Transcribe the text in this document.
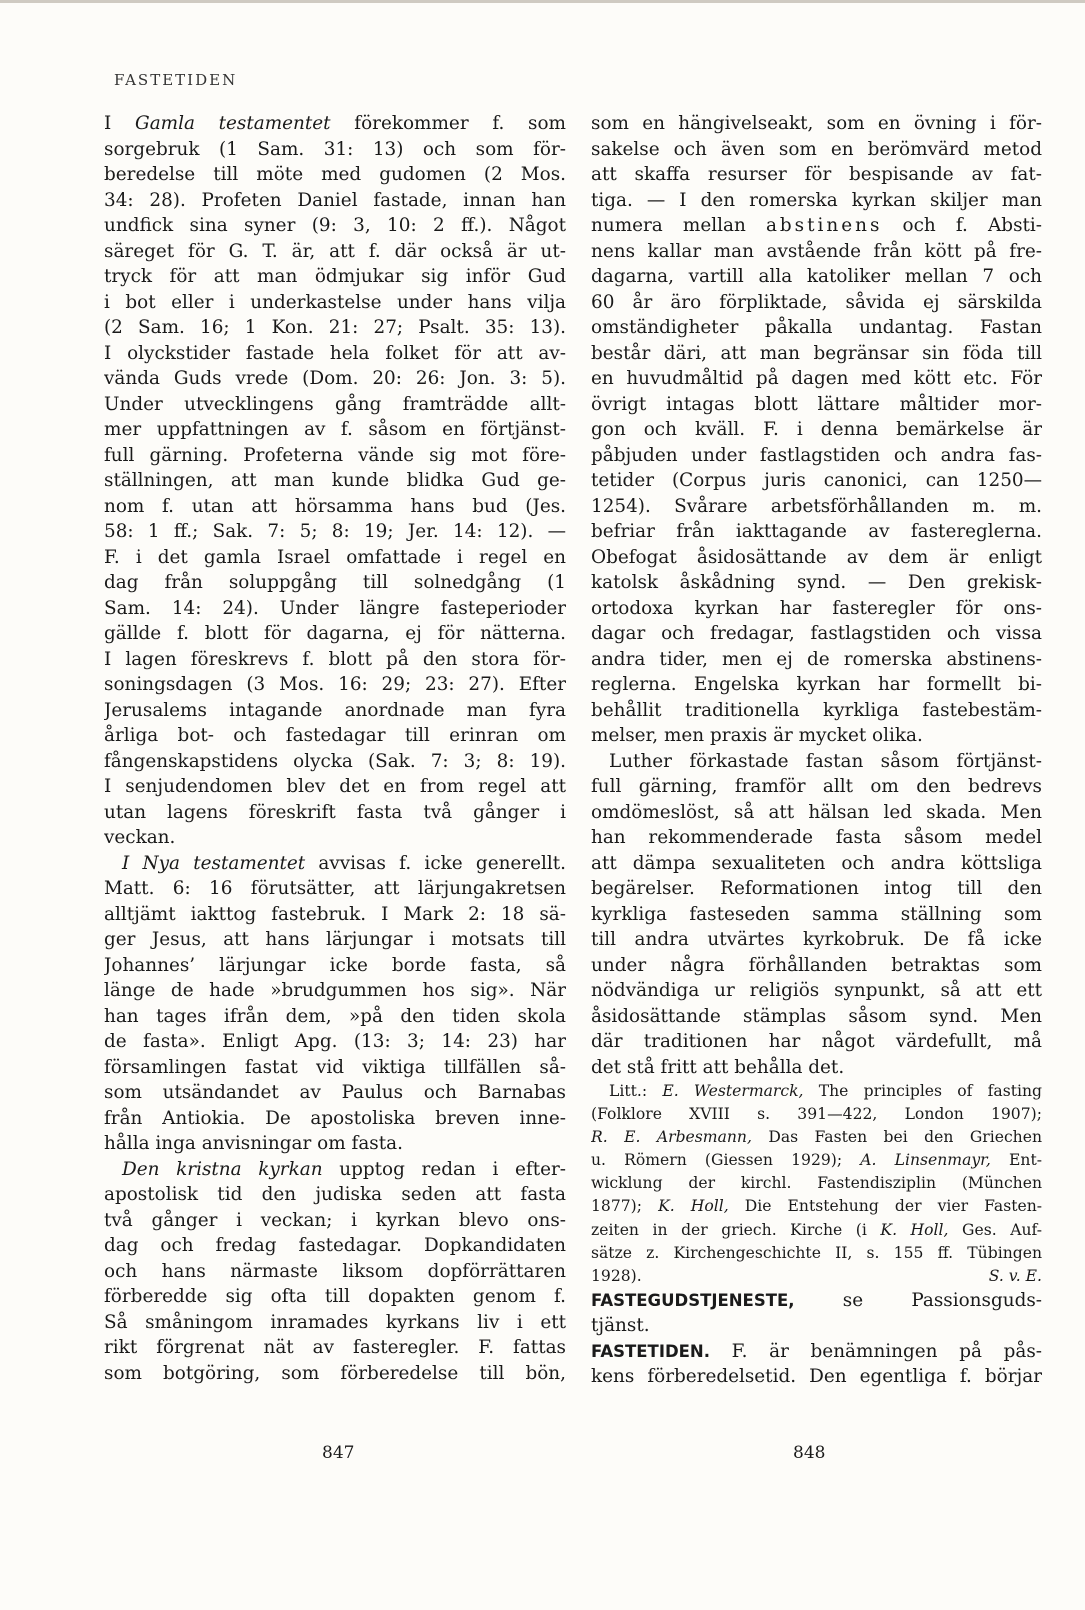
FASTETIDEN
I Gamla testamentet förekommer f. som
sorgebruk (1 Sam. 31: 13) och som för-
beredelse till möte med gudomen (2 Mos.
34: 28). Profeten Daniel fastade, innan han
undfick sina syner (9: 3, 10: 2 ff.). Något
säreget för G. T. är, att f. där också är ut-
tryck för att man ödmjukar sig inför Gud
i bot eller i underkastelse under hans vilja
(2 Sam. 16; 1 Kon. 21: 27; Psalt. 35: 13).
I olyckstider fastade hela folket för att av-
vända Guds vrede (Dom. 20: 26: Jon. 3: 5).
Under utvecklingens gång framträdde allt-
mer uppfattningen av f. såsom en förtjänst-
full gärning. Profeterna vände sig mot före-
ställningen, att man kunde blidka Gud ge-
nom f. utan att hörsamma hans bud (Jes.
58: 1 ff.; Sak. 7: 5; 8: 19; Jer. 14: 12). —
F. i det gamla Israel omfattade i regel en
dag från soluppgång till solnedgång (1
Sam. 14: 24). Under längre fasteperioder
gällde f. blott för dagarna, ej för nätterna.
I lagen föreskrevs f. blott på den stora för-
soningsdagen (3 Mos. 16: 29; 23: 27). Efter
Jerusalems intagande anordnade man fyra
årliga bot- och fastedagar till erinran om
fångenskapstidens olycka (Sak. 7: 3; 8: 19).
I senjudendomen blev det en from regel att
utan lagens föreskrift fasta två gånger i
veckan.
I Nya testamentet avvisas f. icke generellt.
Matt. 6: 16 förutsätter, att lärjungakretsen
alltjämt iakttog fastebruk. I Mark 2: 18 sä-
ger Jesus, att hans lärjungar i motsats till
Johannes’ lärjungar icke borde fasta, så
länge de hade »brudgummen hos sig». När
han tages ifrån dem, »på den tiden skola
de fasta». Enligt Apg. (13: 3; 14: 23) har
församlingen fastat vid viktiga tillfällen så-
som utsändandet av Paulus och Barnabas
från Antiokia. De apostoliska breven inne-
hålla inga anvisningar om fasta.
Den kristna kyrkan upptog redan i efter-
apostolisk tid den judiska seden att fasta
två gånger i veckan; i kyrkan blevo ons-
dag och fredag fastedagar. Dopkandidaten
och hans närmaste liksom dopförrättaren
förberedde sig ofta till dopakten genom f.
Så småningom inramades kyrkans liv i ett
rikt förgrenat nät av fasteregler. F. fattas
som botgöring, som förberedelse till bön,
som en hängivelseakt, som en övning i för-
sakelse och även som en berömvärd metod
att skaffa resurser för bespisande av fat-
tiga. — I den romerska kyrkan skiljer man
numera mellan abstinens och f. Absti-
nens kallar man avstående från kött på fre-
dagarna, vartill alla katoliker mellan 7 och
60 år äro förpliktade, såvida ej särskilda
omständigheter påkalla undantag. Fastan
består däri, att man begränsar sin föda till
en huvudmåltid på dagen med kött etc. För
övrigt intagas blott lättare måltider mor-
gon och kväll. F. i denna bemärkelse är
påbjuden under fastlagstiden och andra fas-
tetider (Corpus juris canonici, can 1250—
1254). Svårare arbetsförhållanden m. m.
befriar från iakttagande av fastereglerna.
Obefogat åsidosättande av dem är enligt
katolsk åskådning synd. — Den grekisk-
ortodoxa kyrkan har fasteregler för ons-
dagar och fredagar, fastlagstiden och vissa
andra tider, men ej de romerska abstinens-
reglerna. Engelska kyrkan har formellt bi-
behållit traditionella kyrkliga fastebestäm-
melser, men praxis är mycket olika.
Luther förkastade fastan såsom förtjänst-
full gärning, framför allt om den bedrevs
omdömeslöst, så att hälsan led skada. Men
han rekommenderade fasta såsom medel
att dämpa sexualiteten och andra köttsliga
begärelser. Reformationen intog till den
kyrkliga fasteseden samma ställning som
till andra utvärtes kyrkobruk. De få icke
under några förhållanden betraktas som
nödvändiga ur religiös synpunkt, så att ett
åsidosättande stämplas såsom synd. Men
där traditionen har något värdefullt, må
det stå fritt att behålla det.
Litt.: E. Westermarck, The principles of fasting
(Folklore XVIII s. 391—422, London 1907);
R. E. Arbesmann, Das Fasten bei den Griechen
u. Römern (Giessen 1929); A. Linsenmayr, Ent-
wicklung der kirchl. Fastendisziplin (München
1877); K. Holl, Die Entstehung der vier Fasten-
zeiten in der griech. Kirche (i K. Holl, Ges. Auf-
sätze z. Kirchengeschichte II, s. 155 ff. Tübingen
1928).	S. v. E.
FASTEGUDSTJENESTE, se Passionsguds-
tjänst.
FASTETIDEN. F. är benämningen på pås-
kens förberedelsetid. Den egentliga f. börjar
847	848
